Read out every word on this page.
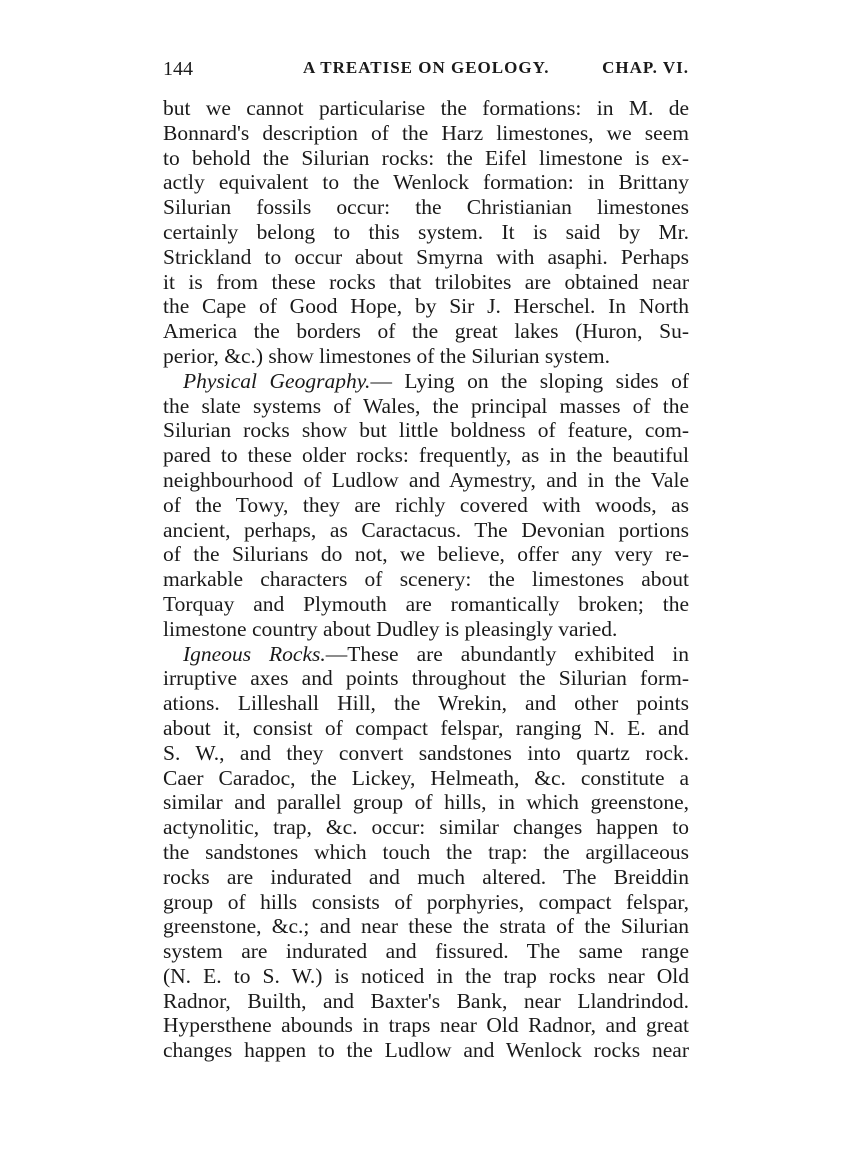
144	A TREATISE ON GEOLOGY.	CHAP. VI.
but we cannot particularise the formations: in M. de
Bonnard's description of the Harz limestones, we seem
to behold the Silurian rocks: the Eifel limestone is ex-
actly equivalent to the Wenlock formation: in Brittany
Silurian fossils occur: the Christianian limestones
certainly belong to this system. It is said by Mr.
Strickland to occur about Smyrna with asaphi. Perhaps
it is from these rocks that trilobites are obtained near
the Cape of Good Hope, by Sir J. Herschel. In North
America the borders of the great lakes (Huron, Su-
perior, &c.) show limestones of the Silurian system.
Physical Geography.— Lying on the sloping sides of
the slate systems of Wales, the principal masses of the
Silurian rocks show but little boldness of feature, com-
pared to these older rocks: frequently, as in the beautiful
neighbourhood of Ludlow and Aymestry, and in the Vale
of the Towy, they are richly covered with woods, as
ancient, perhaps, as Caractacus. The Devonian portions
of the Silurians do not, we believe, offer any very re-
markable characters of scenery: the limestones about
Torquay and Plymouth are romantically broken; the
limestone country about Dudley is pleasingly varied.
Igneous Rocks.—These are abundantly exhibited in
irruptive axes and points throughout the Silurian form-
ations. Lilleshall Hill, the Wrekin, and other points
about it, consist of compact felspar, ranging N. E. and
S. W., and they convert sandstones into quartz rock.
Caer Caradoc, the Lickey, Helmeath, &c. constitute a
similar and parallel group of hills, in which greenstone,
actynolitic, trap, &c. occur: similar changes happen to
the sandstones which touch the trap: the argillaceous
rocks are indurated and much altered. The Breiddin
group of hills consists of porphyries, compact felspar,
greenstone, &c.; and near these the strata of the Silurian
system are indurated and fissured. The same range
(N. E. to S. W.) is noticed in the trap rocks near Old
Radnor, Builth, and Baxter's Bank, near Llandrindod.
Hypersthene abounds in traps near Old Radnor, and great
changes happen to the Ludlow and Wenlock rocks near
